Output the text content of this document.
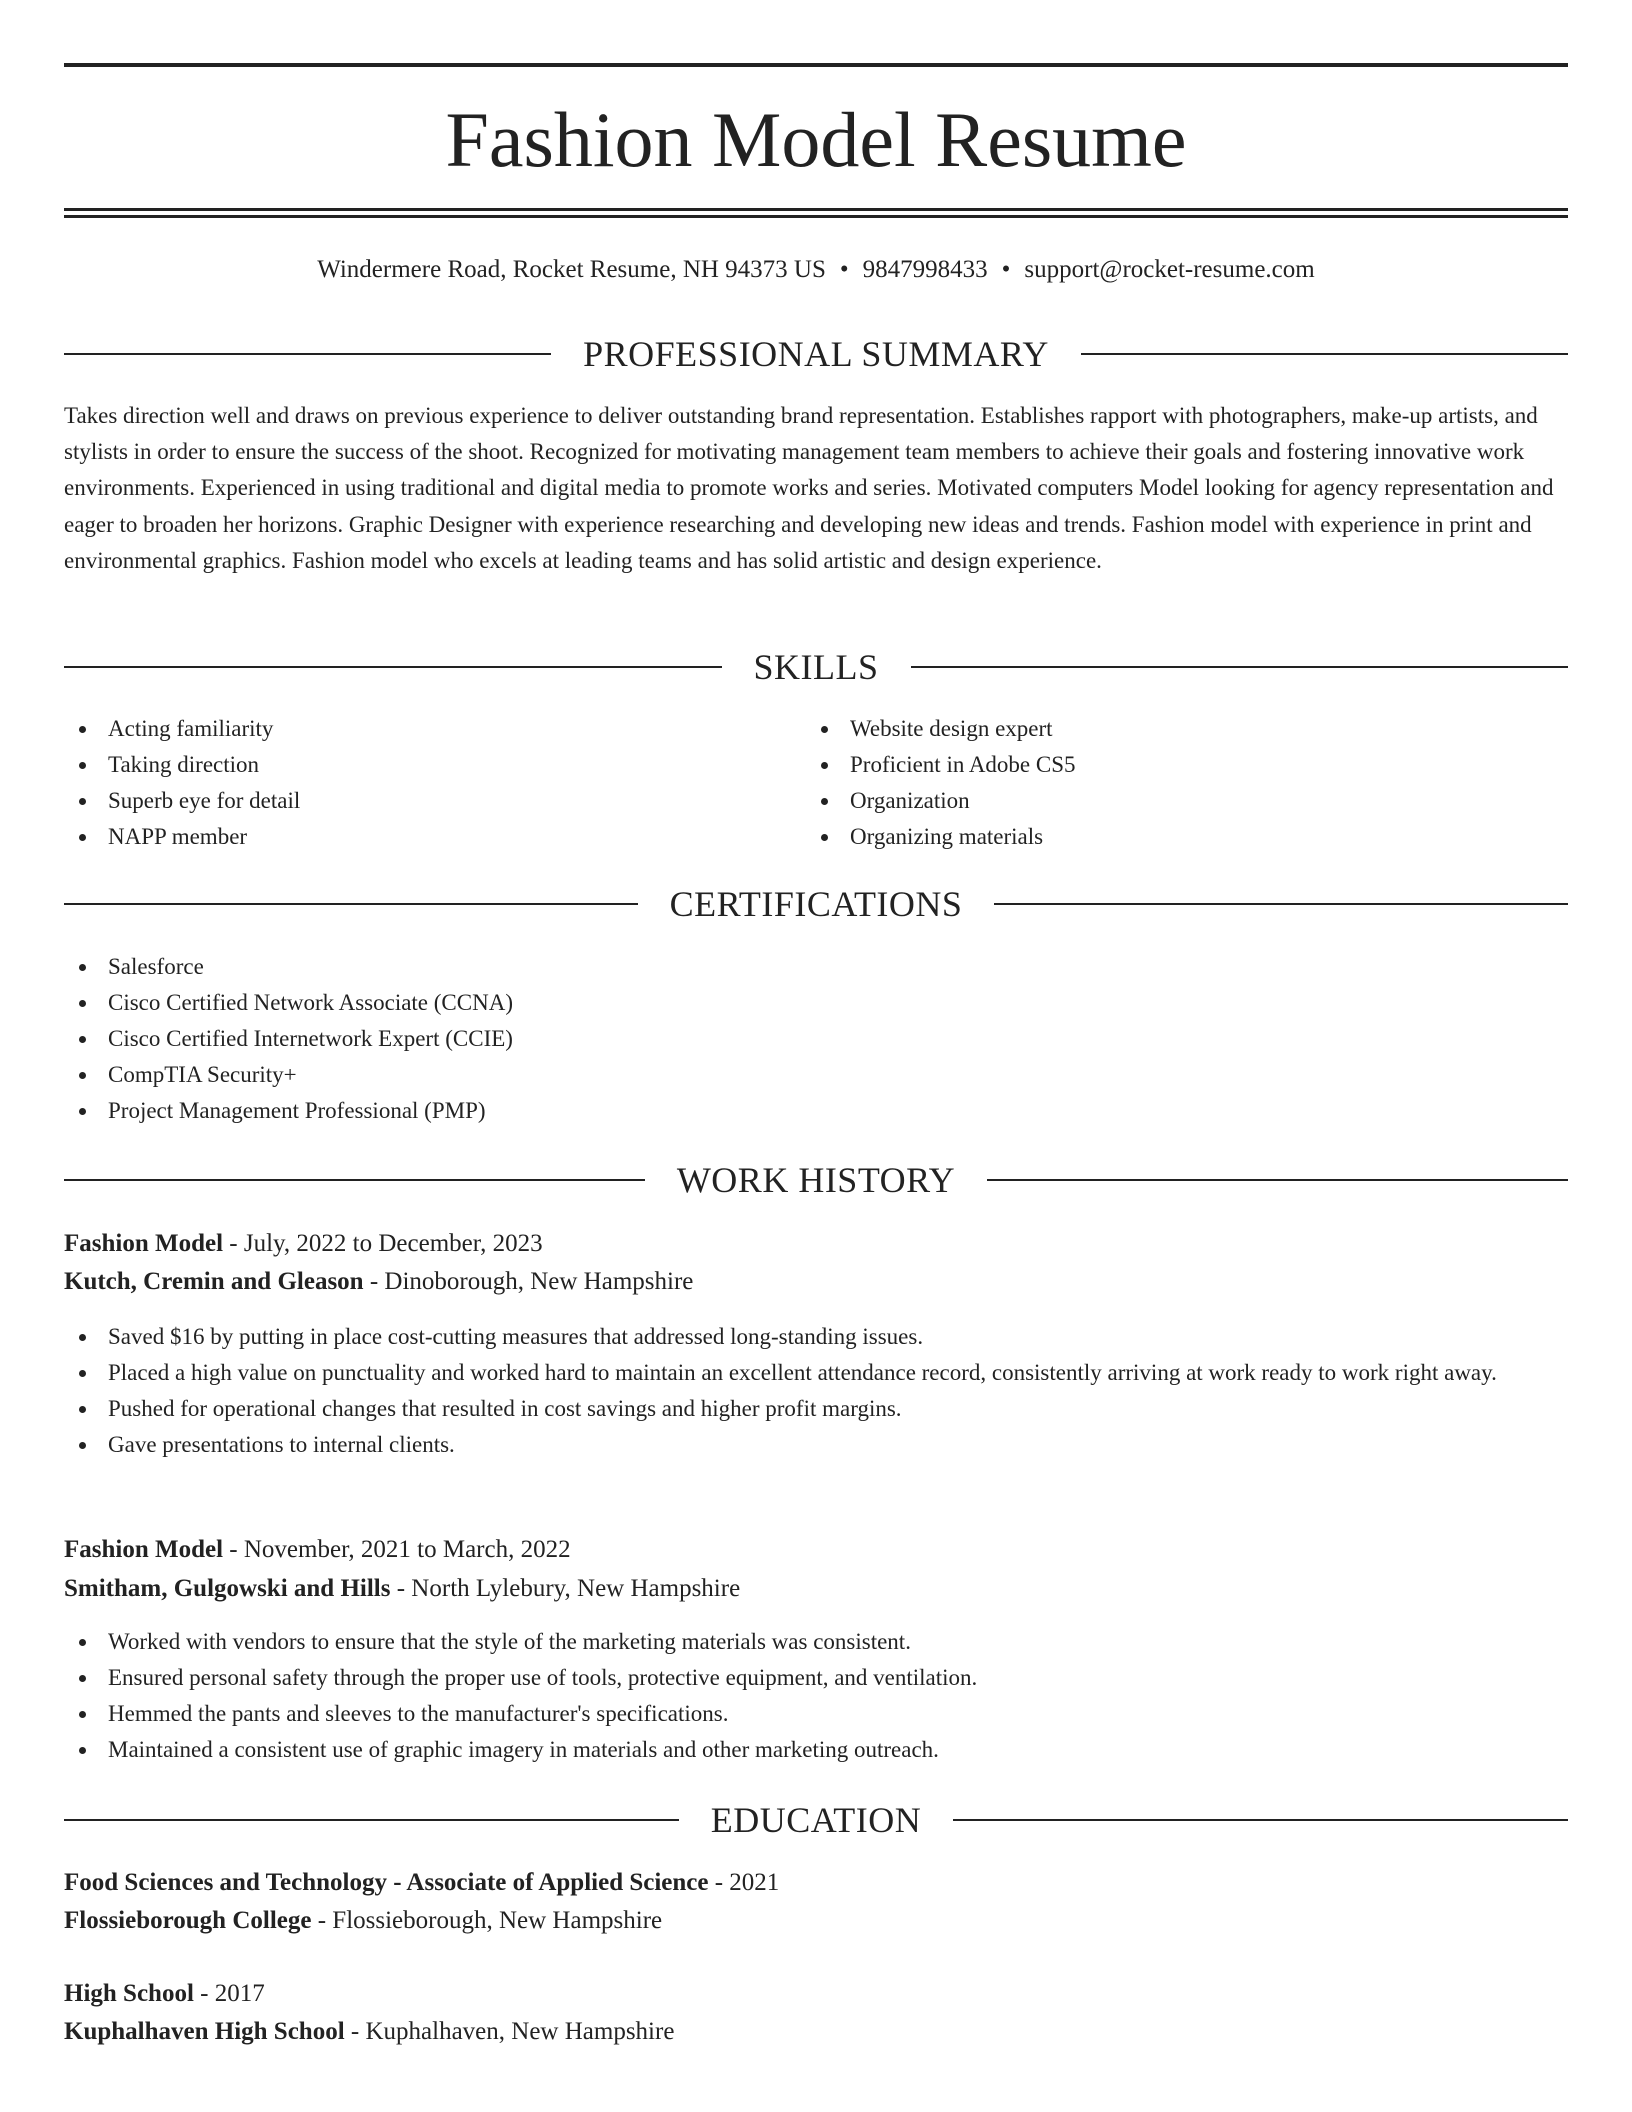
Fashion Model Resume
Windermere Road, Rocket Resume, NH 94373 US • 9847998433 • support@rocket-resume.com
PROFESSIONAL SUMMARY

Takes direction well and draws on previous experience to deliver outstanding brand representation. Establishes rapport with photographers, make-up artists, and stylists in order to ensure the success of the shoot. Recognized for motivating management team members to achieve their goals and fostering innovative work environments. Experienced in using traditional and digital media to promote works and series. Motivated computers Model looking for agency representation and eager to broaden her horizons. Graphic Designer with experience researching and developing new ideas and trends. Fashion model with experience in print and environmental graphics. Fashion model who excels at leading teams and has solid artistic and design experience.

SKILLS
Acting familiarity
Taking direction
Superb eye for detail
NAPP member
Website design expert
Proficient in Adobe CS5
Organization
Organizing materials
CERTIFICATIONS
Salesforce
Cisco Certified Network Associate (CCNA)
Cisco Certified Internetwork Expert (CCIE)
CompTIA Security+
Project Management Professional (PMP)
WORK HISTORY
Fashion Model - July, 2022 to December, 2023
Kutch, Cremin and Gleason - Dinoborough, New Hampshire
Saved $16 by putting in place cost-cutting measures that addressed long-standing issues.
Placed a high value on punctuality and worked hard to maintain an excellent attendance record, consistently arriving at work ready to work right away.
Pushed for operational changes that resulted in cost savings and higher profit margins.
Gave presentations to internal clients.
Fashion Model - November, 2021 to March, 2022
Smitham, Gulgowski and Hills - North Lylebury, New Hampshire
Worked with vendors to ensure that the style of the marketing materials was consistent.
Ensured personal safety through the proper use of tools, protective equipment, and ventilation.
Hemmed the pants and sleeves to the manufacturer's specifications.
Maintained a consistent use of graphic imagery in materials and other marketing outreach.
EDUCATION
Food Sciences and Technology - Associate of Applied Science - 2021
Flossieborough College - Flossieborough, New Hampshire
High School - 2017
Kuphalhaven High School - Kuphalhaven, New Hampshire
